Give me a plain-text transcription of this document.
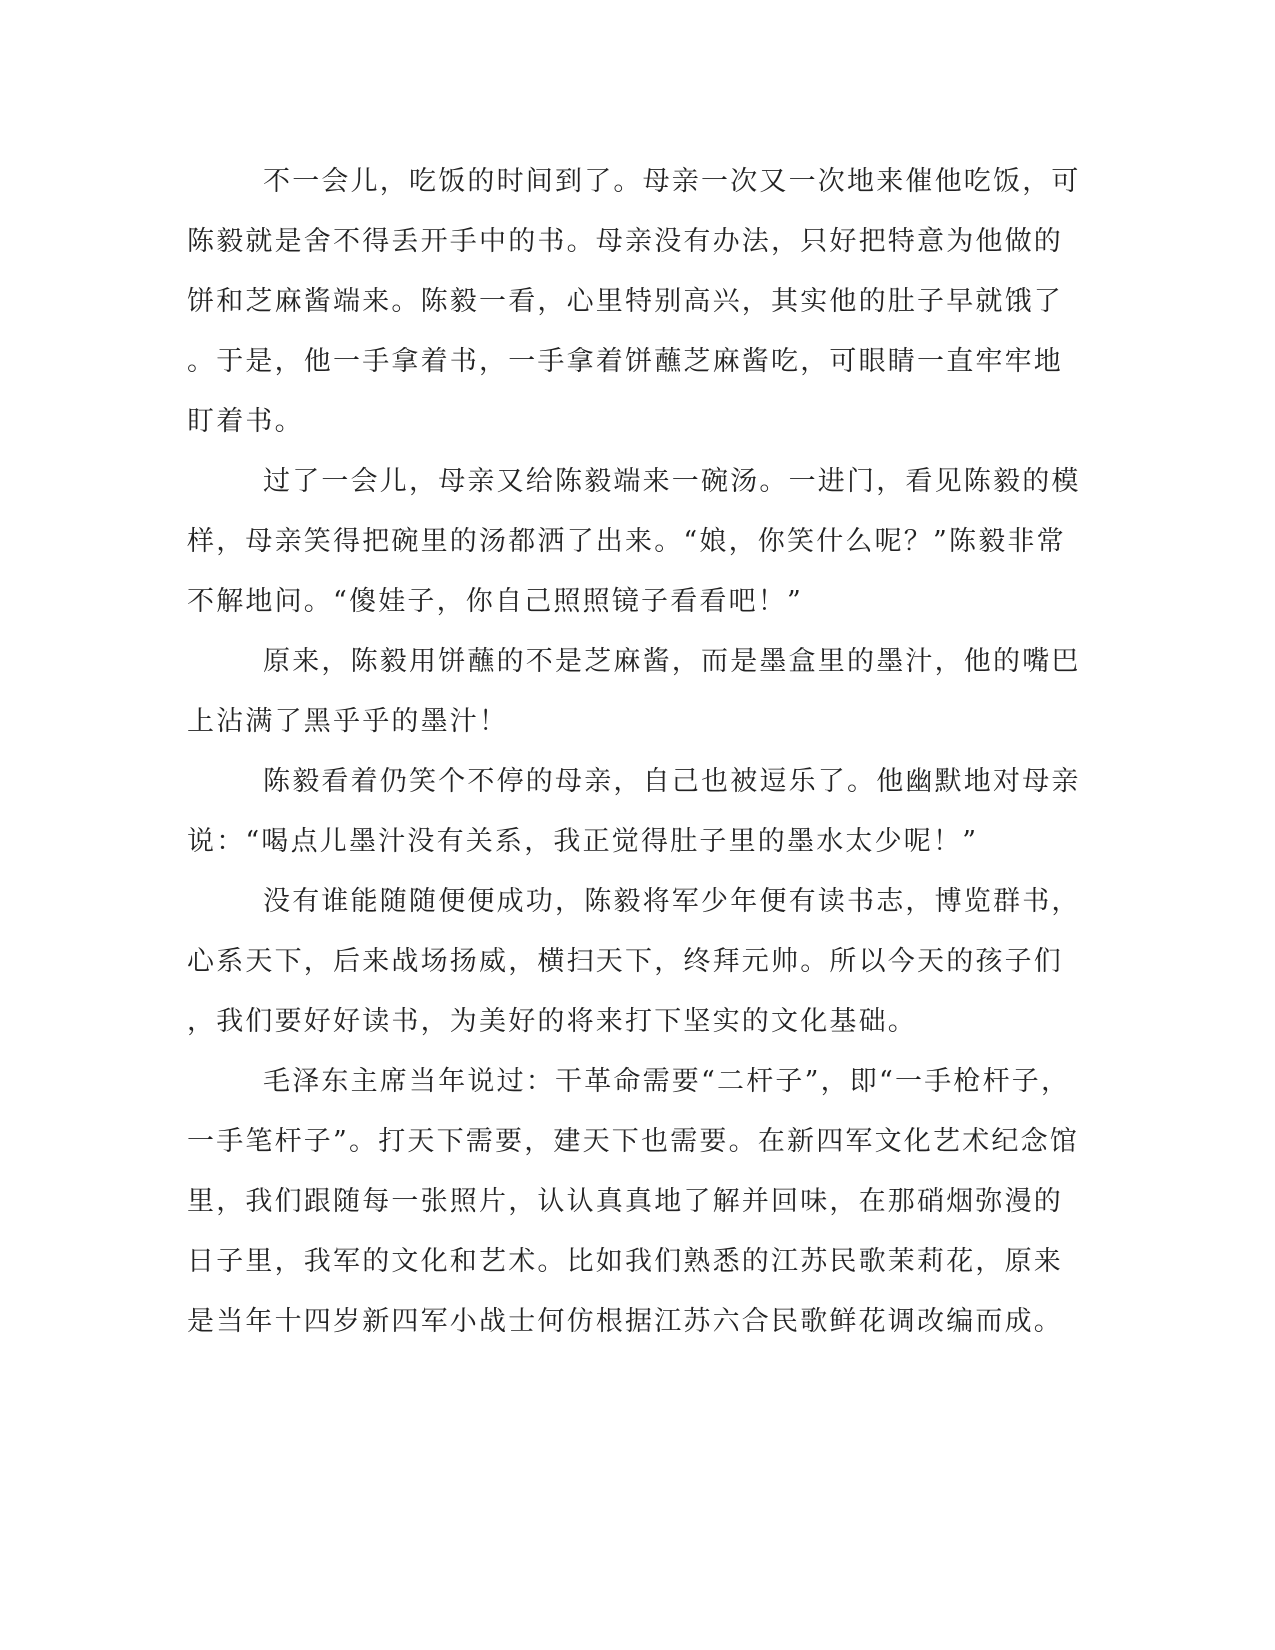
不一会儿，吃饭的时间到了。母亲一次又一次地来催他吃饭，可
陈毅就是舍不得丢开手中的书。母亲没有办法，只好把特意为他做的
饼和芝麻酱端来。陈毅一看，心里特别高兴，其实他的肚子早就饿了
。于是，他一手拿着书，一手拿着饼蘸芝麻酱吃，可眼睛一直牢牢地
盯着书。
过了一会儿，母亲又给陈毅端来一碗汤。一进门，看见陈毅的模
样，母亲笑得把碗里的汤都洒了出来。“娘，你笑什么呢？”陈毅非常
不解地问。“傻娃子，你自己照照镜子看看吧！”
原来，陈毅用饼蘸的不是芝麻酱，而是墨盒里的墨汁，他的嘴巴
上沾满了黑乎乎的墨汁！
陈毅看着仍笑个不停的母亲，自己也被逗乐了。他幽默地对母亲
说：“喝点儿墨汁没有关系，我正觉得肚子里的墨水太少呢！”
没有谁能随随便便成功，陈毅将军少年便有读书志，博览群书，
心系天下，后来战场扬威，横扫天下，终拜元帅。所以今天的孩子们
，我们要好好读书，为美好的将来打下坚实的文化基础。
毛泽东主席当年说过：干革命需要“二杆子”，即“一手枪杆子，
一手笔杆子”。打天下需要，建天下也需要。在新四军文化艺术纪念馆
里，我们跟随每一张照片，认认真真地了解并回味，在那硝烟弥漫的
日子里，我军的文化和艺术。比如我们熟悉的江苏民歌茉莉花，原来
是当年十四岁新四军小战士何仿根据江苏六合民歌鲜花调改编而成。
